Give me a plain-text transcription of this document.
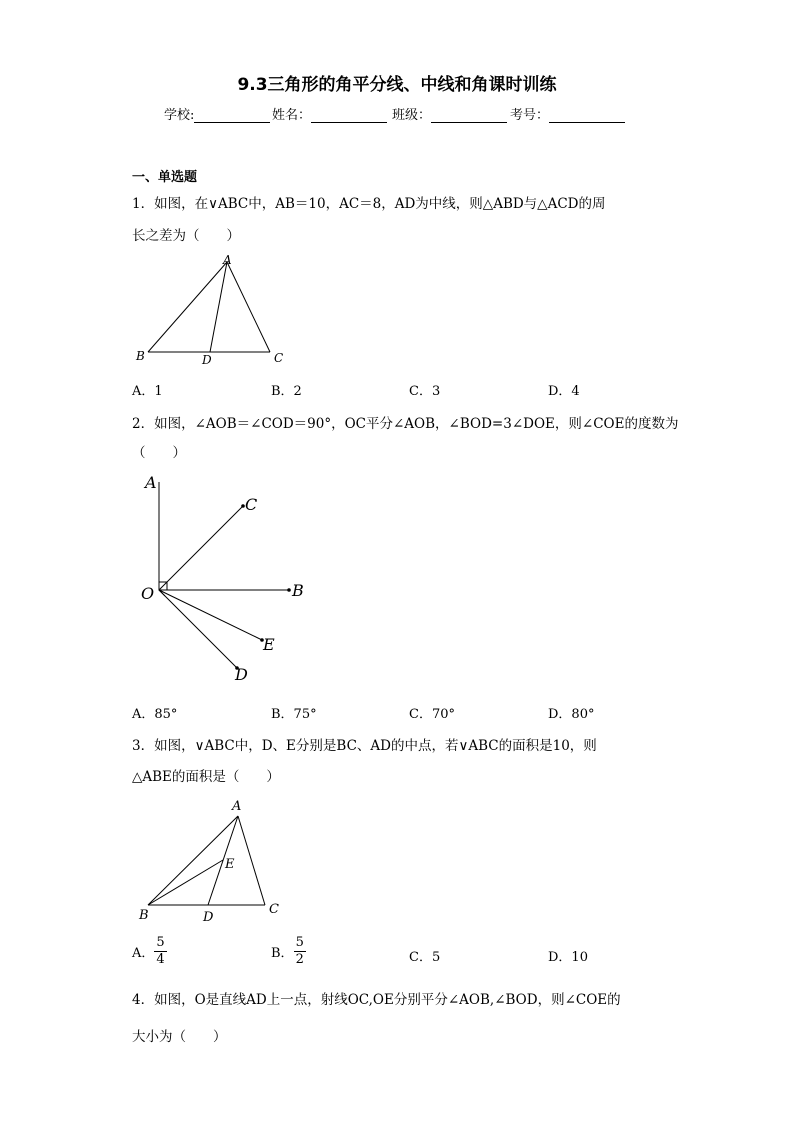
9.3三角形的角平分线、中线和角课时训练
学校:	姓名：	班级：	考号：
一、单选题
1．如图，在∨ABC中，AB＝10，AC＝8，AD为中线，则△ABD与△ACD的周
长之差为（　　）
A
B	C
D
A．1	B．2	C．3	D．4
2．如图，∠AOB＝∠COD＝90°，OC平分∠AOB，∠BOD=3∠DOE，则∠COE的度数为
（　　）
A
C
B
O
E
D
A．85°	B．75°	C．70°	D．80°
3．如图，∨ABC中，D、E分别是BC、AD的中点，若∨ABC的面积是10，则
△ABE的面积是（　　）
A
E
B	D
C
A． $\frac{5}{4}$	B． $\frac{5}{2}$	C．5	D．10
4．如图，O是直线AD上一点，射线OC,OE分别平分∠AOB,∠BOD，则∠COE的
大小为（　　）
